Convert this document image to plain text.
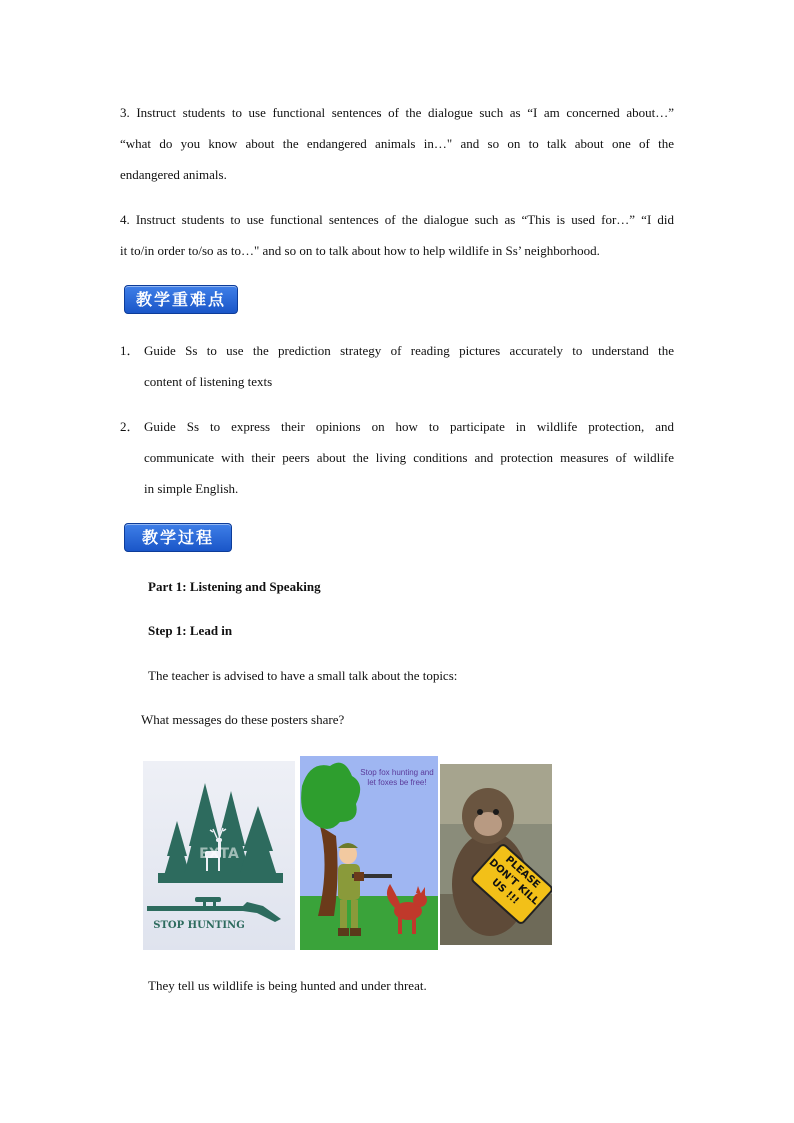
3. Instruct students to use functional sentences of the dialogue such as “I am concerned about…”
“what do you know about the endangered animals in…" and so on to talk about one of the
endangered animals.
4. Instruct students to use functional sentences of the dialogue such as “This is used for…” “I did
it to/in order to/so as to…" and so on to talk about how to help wildlife in Ss’ neighborhood.
教学重难点
1． Guide Ss to use the prediction strategy of reading pictures accurately to understand the
content of listening texts
2． Guide Ss to express their opinions on how to participate in wildlife protection, and
communicate with their peers about the living conditions and protection measures of wildlife
in simple English.
教学过程
Part 1: Listening and Speaking
Step 1: Lead in
The teacher is advised to have a small talk about the topics:
What messages do these posters share?
EXTA
STOP HUNTING
Stop fox hunting and let foxes be free!
PLEASE DON'T KILL US !!!
They tell us wildlife is being hunted and under threat.
